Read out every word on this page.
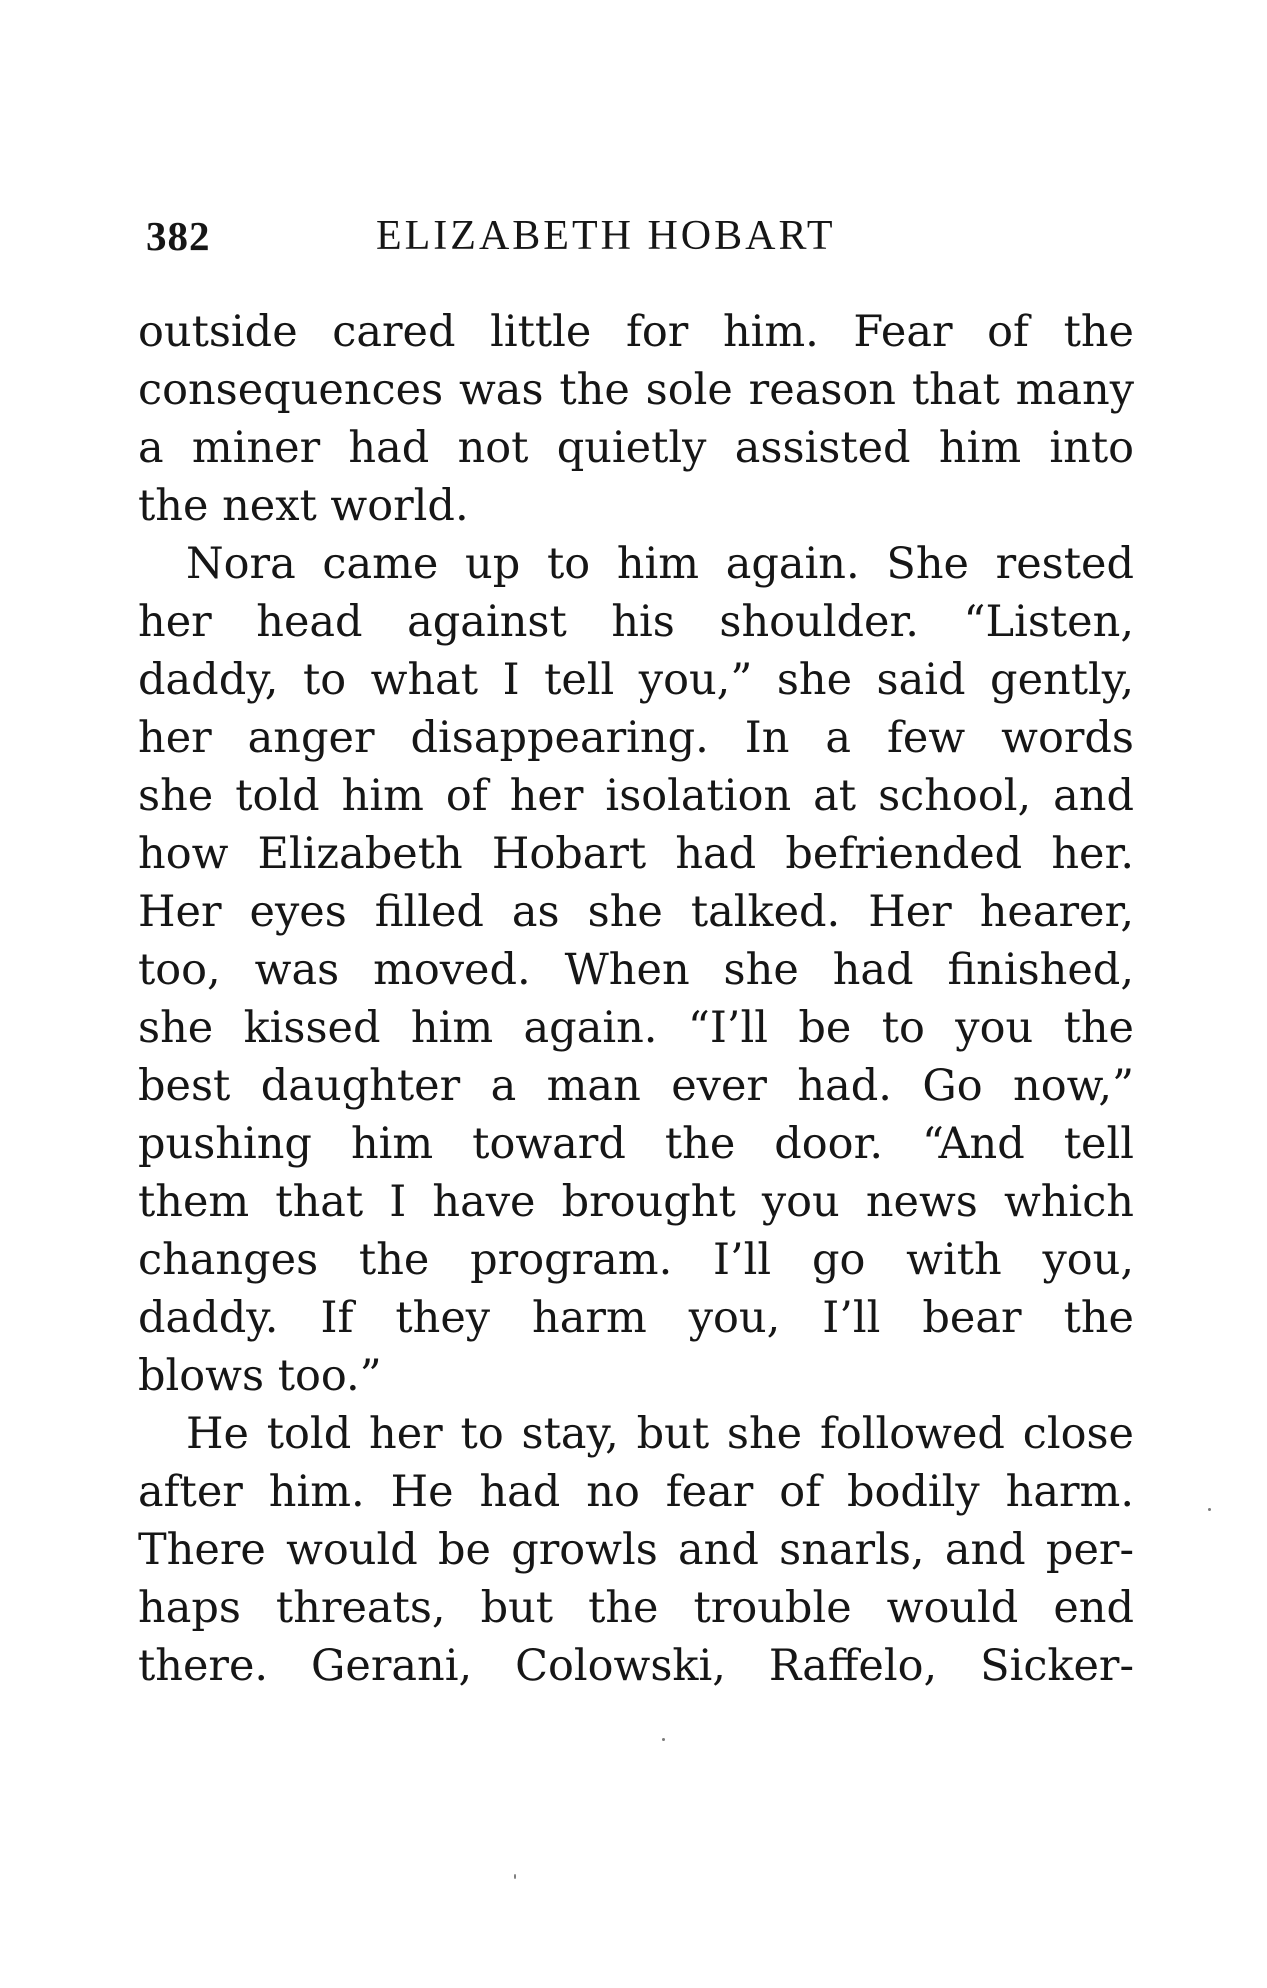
382	ELIZABETH HOBART
outside cared little for him. Fear of the
consequences was the sole reason that many
a miner had not quietly assisted him into
the next world.
Nora came up to him again. She rested
her head against his shoulder. “Listen,
daddy, to what I tell you,” she said gently,
her anger disappearing. In a few words
she told him of her isolation at school, and
how Elizabeth Hobart had befriended her.
Her eyes filled as she talked. Her hearer,
too, was moved. When she had finished,
she kissed him again. “I’ll be to you the
best daughter a man ever had. Go now,”
pushing him toward the door. “And tell
them that I have brought you news which
changes the program. I’ll go with you,
daddy. If they harm you, I’ll bear the
blows too.”
He told her to stay, but she followed close
after him. He had no fear of bodily harm.
There would be growls and snarls, and per-
haps threats, but the trouble would end
there. Gerani, Colowski, Raffelo, Sicker-
